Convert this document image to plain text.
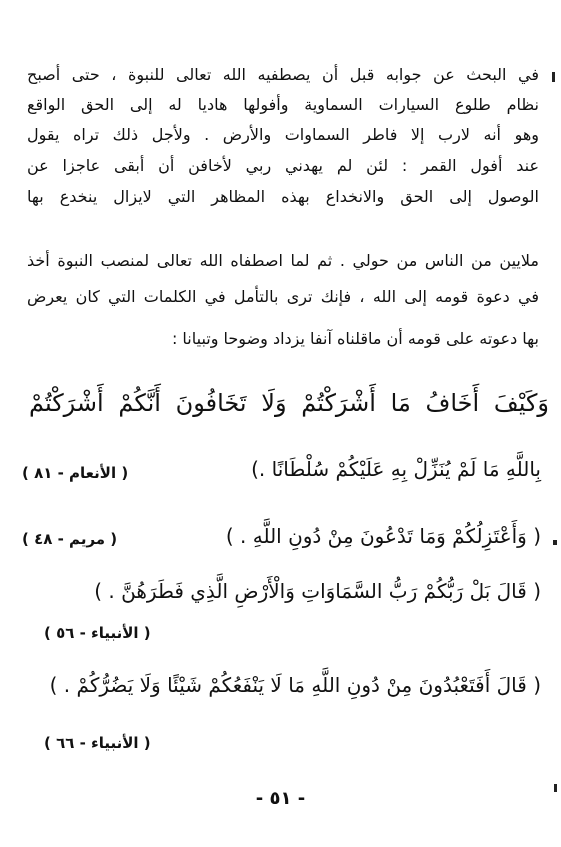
في البحث عن جوابه قبل أن يصطفيه الله تعالى للنبوة ، حتى أصبح
نظام طلوع السيارات السماوية وأفولها هاديا له إلى الحق الواقع
وهو أنه لارب إلا فاطر السماوات والأرض . ولأجل ذلك تراه يقول
عند أفول القمر : لئن لم يهدني ربي لأخافن أن أبقى عاجزا عن
الوصول إلى الحق والانخداع بهذه المظاهر التي لايزال ينخدع بها
ملايين من الناس من حولي . ثم لما اصطفاه الله تعالى لمنصب النبوة أخذ
في دعوة قومه إلى الله ، فإنك ترى بالتأمل في الكلمات التي كان يعرض
بها دعوته على قومه أن ماقلناه آنفا يزداد وضوحا وتبيانا :
وَكَيْفَ أَخَافُ مَا أَشْرَكْتُمْ وَلَا تَخَافُونَ أَنَّكُمْ أَشْرَكْتُمْ
بِاللَّهِ مَا لَمْ يُنَزِّلْ بِهِ عَلَيْكُمْ سُلْطَانًا .)
( الأنعام - ٨١ )
( وَأَعْتَزِلُكُمْ وَمَا تَدْعُونَ مِنْ دُونِ اللَّهِ . )
( مريم - ٤٨ )
( قَالَ بَلْ رَبُّكُمْ رَبُّ السَّمَاوَاتِ وَالْأَرْضِ الَّذِي فَطَرَهُنَّ . )
( الأنبياء - ٥٦ )
( قَالَ أَفَتَعْبُدُونَ مِنْ دُونِ اللَّهِ مَا لَا يَنْفَعُكُمْ شَيْئًا وَلَا يَضُرُّكُمْ . )
( الأنبياء - ٦٦ )
- ٥١ -
